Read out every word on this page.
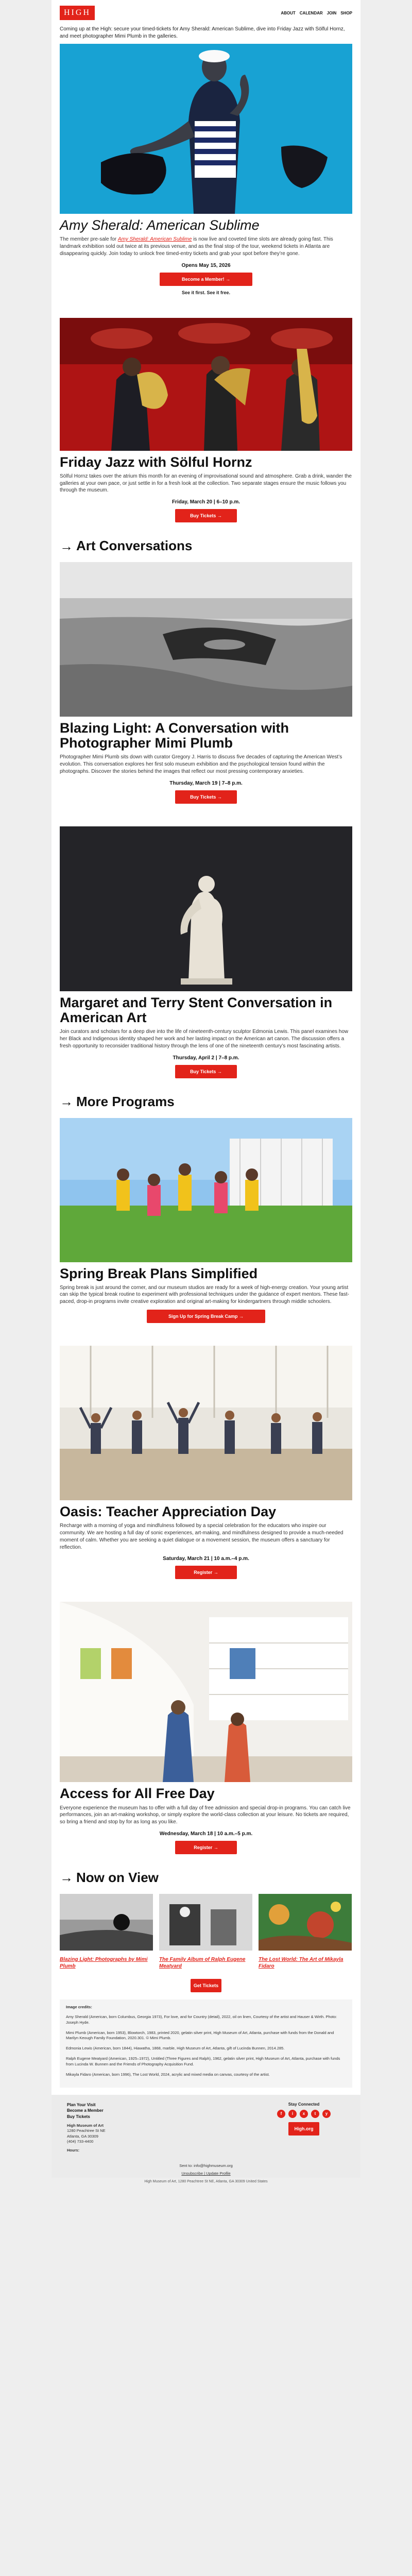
HIGH	ABOUT CALENDAR JOIN SHOP
Coming up at the High: secure your timed-tickets for Amy Sherald: American Sublime, dive into Friday Jazz with Sölful Hornz, and meet photographer Mimi Plumb in the galleries.
Amy Sherald: American Sublime

The member pre-sale for Amy Sherald: American Sublime is now live and coveted time slots are already going fast. This landmark exhibition sold out twice at its previous venue, and as the final stop of the tour, weekend tickets in Atlanta are disappearing quickly. Join today to unlock free timed-entry tickets and grab your spot before they’re gone.

Opens May 15, 2026
Become a Member! →
See it first. See it free.
Friday Jazz with Sölful Hornz

Sölful Hornz takes over the atrium this month for an evening of improvisational sound and atmosphere. Grab a drink, wander the galleries at your own pace, or just settle in for a fresh look at the collection. Two separate stages ensure the music follows you through the museum.

Friday, March 20 | 6–10 p.m.
Buy Tickets →
→ Art Conversations
Blazing Light: A Conversation with Photographer Mimi Plumb

Photographer Mimi Plumb sits down with curator Gregory J. Harris to discuss five decades of capturing the American West’s evolution. This conversation explores her first solo museum exhibition and the psychological tension found within the photographs. Discover the stories behind the images that reflect our most pressing contemporary anxieties.

Thursday, March 19 | 7–8 p.m.
Buy Tickets →
Margaret and Terry Stent Conversation in American Art

Join curators and scholars for a deep dive into the life of nineteenth-century sculptor Edmonia Lewis. This panel examines how her Black and Indigenous identity shaped her work and her lasting impact on the American art canon. The discussion offers a fresh opportunity to reconsider traditional history through the lens of one of the nineteenth century’s most fascinating artists.

Thursday, April 2 | 7–8 p.m.
Buy Tickets →
→ More Programs
Spring Break Plans Simplified

Spring break is just around the corner, and our museum studios are ready for a week of high-energy creation. Your young artist can skip the typical break routine to experiment with professional techniques under the guidance of expert mentors. These fast-paced, drop-in programs invite creative exploration and original art-making for kindergartners through middle schoolers.

Sign Up for Spring Break Camp →
Oasis: Teacher Appreciation Day

Recharge with a morning of yoga and mindfulness followed by a special celebration for the educators who inspire our community. We are hosting a full day of sonic experiences, art-making, and mindfulness designed to provide a much-needed moment of calm. Whether you are seeking a quiet dialogue or a movement session, the museum offers a sanctuary for reflection.

Saturday, March 21 | 10 a.m.–4 p.m.
Register →
Access for All Free Day

Everyone experience the museum has to offer with a full day of free admission and special drop-in programs. You can catch live performances, join an art-making workshop, or simply explore the world-class collection at your leisure. No tickets are required, so bring a friend and stop by for as long as you like.

Wednesday, March 18 | 10 a.m.–5 p.m.
Register →
→ Now on View
Blazing Light: Photographs by Mimi Plumb
The Family Album of Ralph Eugene Meatyard
The Lost World: The Art of Mikayla Fidaro
Get Tickets

Image credits:

Amy Sherald (American, born Columbus, Georgia 1973), For love, and for Country (detail), 2022, oil on linen, Courtesy of the artist and Hauser & Wirth. Photo: Joseph Hyde.

Mimi Plumb (American, born 1953), Blowtorch, 1983, printed 2020, gelatin silver print, High Museum of Art, Atlanta, purchase with funds from the Donald and Marilyn Keough Family Foundation, 2020.301. © Mimi Plumb.

Edmonia Lewis (American, born 1844), Hiawatha, 1868, marble, High Museum of Art, Atlanta, gift of Lucinda Bunnen, 2014.285.

Ralph Eugene Meatyard (American, 1925–1972), Untitled (Three Figures and Ralph), 1962, gelatin silver print, High Museum of Art, Atlanta, purchase with funds from Lucinda W. Bunnen and the Friends of Photography Acquisition Fund.

Mikayla Fidaro (American, born 1996), The Lost World, 2024, acrylic and mixed media on canvas, courtesy of the artist.

Plan Your Visit
Become a Member
Buy Tickets
High Museum of Art
1280 Peachtree St NE
Atlanta, GA 30309
(404) 733-4400
Hours:
Stay Connected
f	i	x	t	y
High.org
Sent to: info@highmuseum.org
Unsubscribe | Update Profile
High Museum of Art, 1280 Peachtree St NE, Atlanta, GA 30309 United States
